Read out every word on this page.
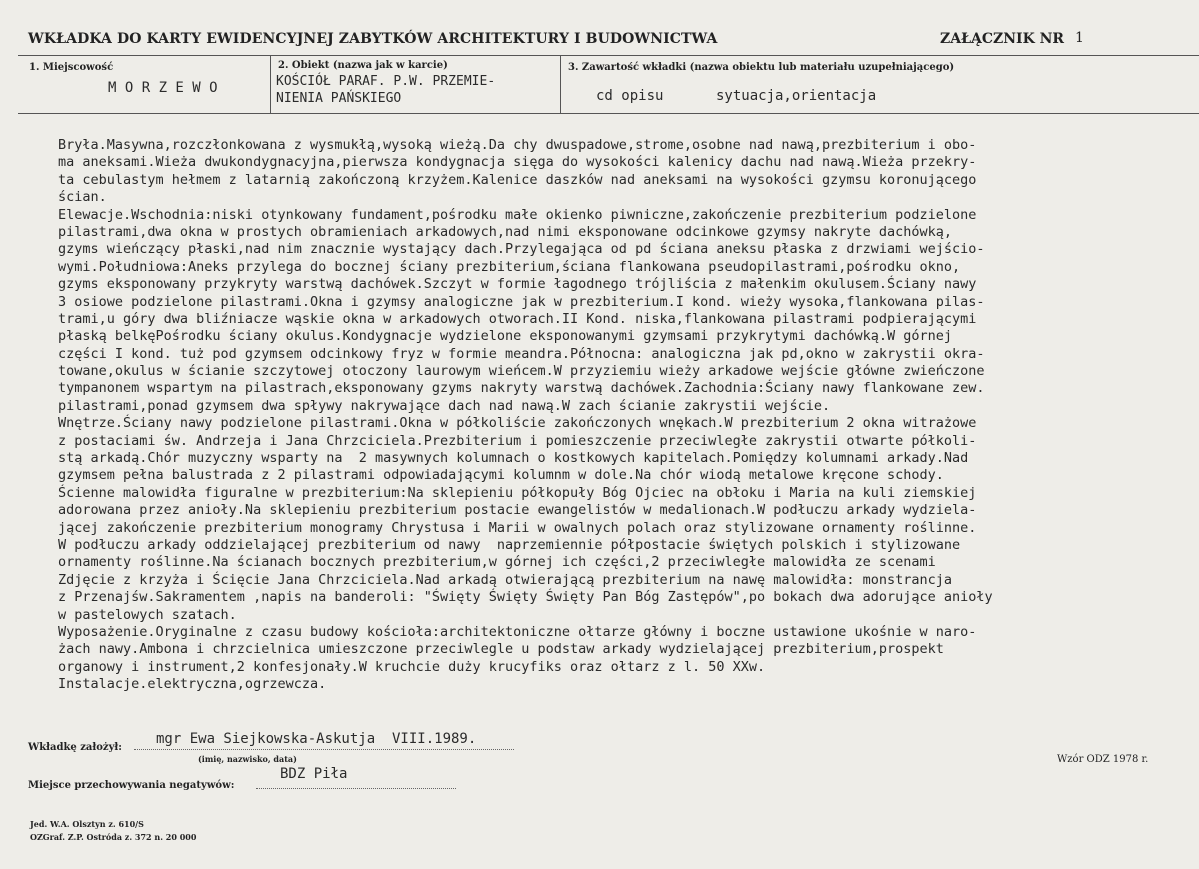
WKŁADKA DO KARTY EWIDENCYJNEJ ZABYTKÓW ARCHITEKTURY I BUDOWNICTWA	ZAŁĄCZNIK NR 1
1. Miejscowość
M O R Z E W O
2. Obiekt (nazwa jak w karcie)
KOŚCIÓŁ PARAF. P.W. PRZEMIE-
NIENIA PAŃSKIEGO
3. Zawartość wkładki (nazwa obiektu lub materiału uzupełniającego)
cd opisu	sytuacja,orientacja
Bryła.Masywna,rozczłonkowana z wysmukłą,wysoką wieżą.Da chy dwuspadowe,strome,osobne nad nawą,prezbiterium i obo-
ma aneksami.Wieża dwukondygnacyjna,pierwsza kondygnacja sięga do wysokości kalenicy dachu nad nawą.Wieża przekry-
ta cebulastym hełmem z latarnią zakończoną krzyżem.Kalenice daszków nad aneksami na wysokości gzymsu koronującego
ścian.
Elewacje.Wschodnia:niski otynkowany fundament,pośrodku małe okienko piwniczne,zakończenie prezbiterium podzielone
pilastrami,dwa okna w prostych obramieniach arkadowych,nad nimi eksponowane odcinkowe gzymsy nakryte dachówką,
gzyms wieńczący płaski,nad nim znacznie wystający dach.Przylegająca od pd ściana aneksu płaska z drzwiami wejścio-
wymi.Południowa:Aneks przylega do bocznej ściany prezbiterium,ściana flankowana pseudopilastrami,pośrodku okno,
gzyms eksponowany przykryty warstwą dachówek.Szczyt w formie łagodnego trójliścia z małenkim okulusem.Ściany nawy
3 osiowe podzielone pilastrami.Okna i gzymsy analogiczne jak w prezbiterium.I kond. wieży wysoka,flankowana pilas-
trami,u góry dwa bliźniacze wąskie okna w arkadowych otworach.II Kond. niska,flankowana pilastrami podpierającymi
płaską belkęPośrodku ściany okulus.Kondygnacje wydzielone eksponowanymi gzymsami przykrytymi dachówką.W górnej
części I kond. tuż pod gzymsem odcinkowy fryz w formie meandra.Północna: analogiczna jak pd,okno w zakrystii okra-
towane,okulus w ścianie szczytowej otoczony laurowym wieńcem.W przyziemiu wieży arkadowe wejście główne zwieńczone
tympanonem wspartym na pilastrach,eksponowany gzyms nakryty warstwą dachówek.Zachodnia:Ściany nawy flankowane zew.
pilastrami,ponad gzymsem dwa spływy nakrywające dach nad nawą.W zach ścianie zakrystii wejście.
Wnętrze.Ściany nawy podzielone pilastrami.Okna w półkoliście zakończonych wnękach.W prezbiterium 2 okna witrażowe
z postaciami św. Andrzeja i Jana Chrzciciela.Prezbiterium i pomieszczenie przeciwległe zakrystii otwarte półkoli-
stą arkadą.Chór muzyczny wsparty na  2 masywnych kolumnach o kostkowych kapitelach.Pomiędzy kolumnami arkady.Nad
gzymsem pełna balustrada z 2 pilastrami odpowiadającymi kolumnm w dole.Na chór wiodą metalowe kręcone schody.
Ścienne malowidła figuralne w prezbiterium:Na sklepieniu półkopuły Bóg Ojciec na obłoku i Maria na kuli ziemskiej
adorowana przez anioły.Na sklepieniu prezbiterium postacie ewangelistów w medalionach.W podłuczu arkady wydziela-
jącej zakończenie prezbiterium monogramy Chrystusa i Marii w owalnych polach oraz stylizowane ornamenty roślinne.
W podłuczu arkady oddzielającej prezbiterium od nawy  naprzemiennie półpostacie świętych polskich i stylizowane
ornamenty roślinne.Na ścianach bocznych prezbiterium,w górnej ich części,2 przeciwległe malowidła ze scenami
Zdjęcie z krzyża i Ścięcie Jana Chrzciciela.Nad arkadą otwierającą prezbiterium na nawę malowidła: monstrancja
z Przenajśw.Sakramentem ,napis na banderoli: "Święty Święty Święty Pan Bóg Zastępów",po bokach dwa adorujące anioły
w pastelowych szatach.
Wyposażenie.Oryginalne z czasu budowy kościoła:architektoniczne ołtarze główny i boczne ustawione ukośnie w naro-
żach nawy.Ambona i chrzcielnica umieszczone przeciwlegle u podstaw arkady wydzielającej prezbiterium,prospekt
organowy i instrument,2 konfesjonały.W kruchcie duży krucyfiks oraz ołtarz z l. 50 XXw.
Instalacje.elektryczna,ogrzewcza.
Wkładkę założył:
mgr Ewa Siejkowska-Askutja  VIII.1989.
(imię, nazwisko, data)
Miejsce przechowywania negatywów:
BDZ Piła
Wzór ODZ 1978 r.
Jed. W.A. Olsztyn z. 610/S
OZGraf. Z.P. Ostróda z. 372 n. 20 000
